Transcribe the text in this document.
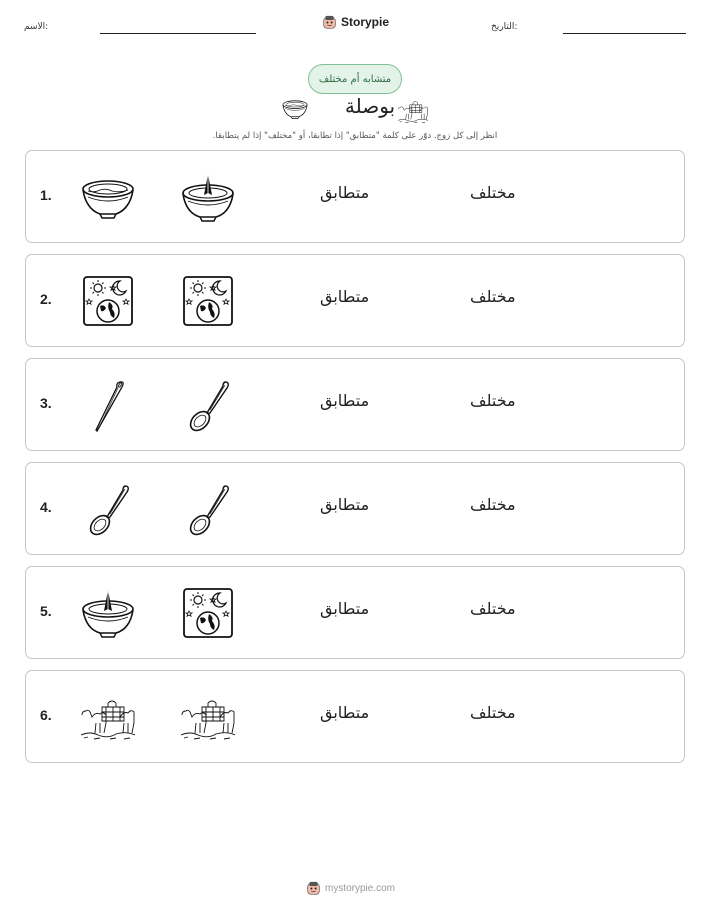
الاسم:	Storypie	التاريخ:
متشابه أم مختلف
بوصلة
انظر إلى كل زوج. دوّر على كلمة "متطابق" إذا تطابقا، أو "مختلف" إذا لم يتطابقا.
1.	متطابق	مختلف
2.	متطابق	مختلف
3.	متطابق	مختلف
4.	متطابق	مختلف
5.	متطابق	مختلف
6.	متطابق	مختلف
mystorypie.com
